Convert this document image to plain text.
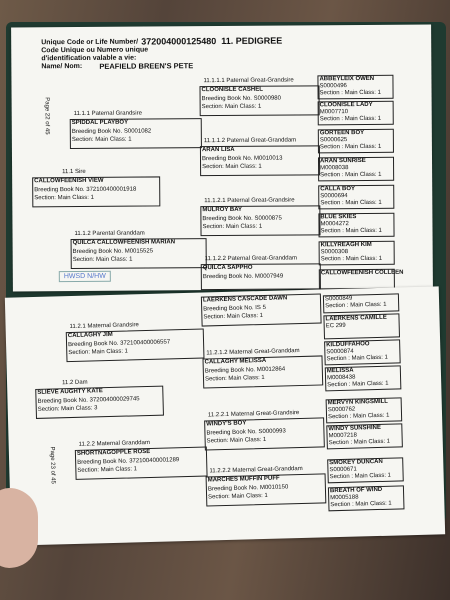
Unique Code or Life Number/ 372004000125480 11. PEDIGREE
Code Unique ou Numero unique
d'identification valable a vie:
Name/ Nom: PEAFIELD BREEN'S PETE
Page 22 of 45
11.1 Sire
CALLOWFEENISH VIEW
Breeding Book No. 372100400001918
Section: Main Class: 1
11.1.1 Paternal Grandsire
SPIDDAL PLAYBOY
Breeding Book No. S0001082
Section: Main Class: 1
11.1.2 Parental Granddam
QUILCA CALLOWFEENISH MARIAN
Breeding Book No. M0015525
Section: Main Class: 1
11.1.1.1 Paternal Great-Grandsire
CLOONISLE CASHEL
Breeding Book No. S0000980
Section: Main Class: 1
11.1.1.2 Paternal Great-Granddam
ARAN LISA
Breeding Book No. M0010013
Section: Main Class: 1
11.1.2.1 Paternal Great-Grandsire
MULROY BAY
Breeding Book No. S0000875
Section: Main Class: 1
11.1.2.2 Paternal Great-Granddam
QUILCA SAPPHO
Breeding Book No. M0007949
ABBEYLEIX OWEN
S0000496
Section : Main Class: 1
CLOONISLE LADY
M0007710
Section : Main Class: 1
GORTEEN BOY
S0000625
Section : Main Class: 1
ARAN SUNRISE
M0008038
Section : Main Class: 1
CALLA BOY
S0000694
Section : Main Class: 1
BLUE SKIES
M0004272
Section : Main Class: 1
KILLYREAGH KIM
S0000308
Section : Main Class: 1
CALLOWFEENISH COLLEEN
HWSD N/HW
Page 23 of 45
11.2 Dam
SLIEVE AUGHTY KATE
Breeding Book No. 372004000029745
Section: Main Class: 3
11.2.1 Maternal Grandsire
CALLAGHY JIM
Breeding Book No. 372100400006557
Section: Main Class: 1
11.2.2 Maternal Granddam
SHORTNAGOPPLE ROSE
Breeding Book No. 372100400001289
Section: Main Class: 1
LAERKENS CASCADE DAWN
Breeding Book No. IS 5
Section: Main Class: 1
11.2.1.2 Maternal Great-Granddam
CALLAGHY MELISSA
Breeding Book No. M0012864
Section: Main Class: 1
11.2.2.1 Maternal Great-Grandsire
WINDY'S BOY
Breeding Book No. S0000993
Section: Main Class: 1
11.2.2.2 Maternal Great-Granddam
MARCHES MUFFIN PUFF
Breeding Book No. M0010150
Section: Main Class: 1
S0000849
Section : Main Class: 1
LAERKENS CAMILLE
EC 299
KILDUFFAHOO
S0000874
Section : Main Class: 1
MELISSA
M0008438
Section : Main Class: 1
MERVYN KINGSMILL
S0000762
Section : Main Class: 1
WINDY SUNSHINE
M0007218
Section : Main Class: 1
SMOKEY DUNCAN
S0000671
Section : Main Class: 1
BREATH OF WIND
M0005188
Section : Main Class: 1
